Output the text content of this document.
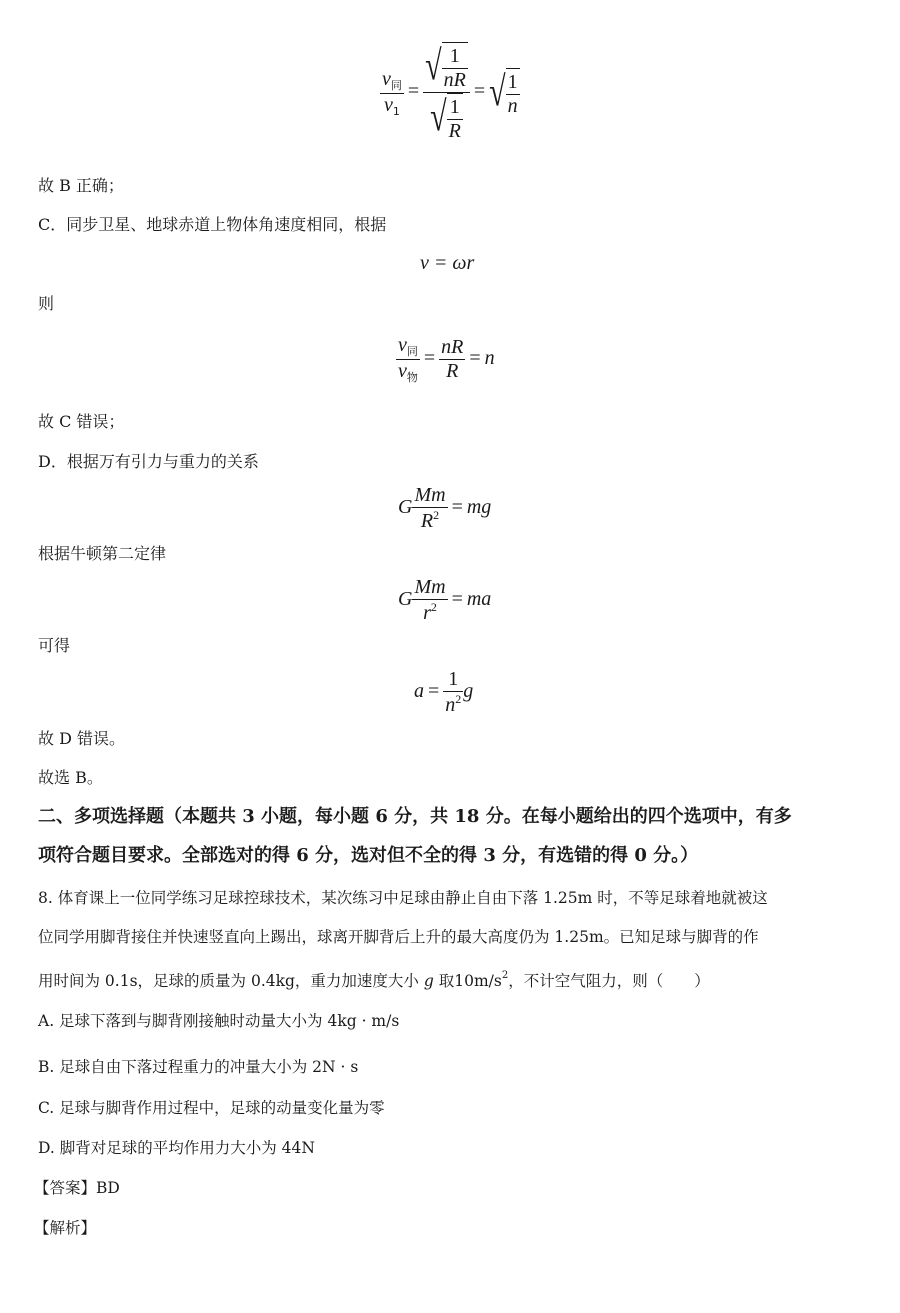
$\frac{v_同}{v_1} = \frac{√ \frac{1}{nR}}{√ \frac{1}{R}}$ = √ $\frac{1}{n}$
故 B 正确；
C．同步卫星、地球赤道上物体角速度相同，根据
v = ωr
则
$\frac{v_同}{v_物} = \frac{nR}{R} = n$
故 C 错误；
D．根据万有引力与重力的关系
G $\frac{Mm}{R^2}$ = mg
根据牛顿第二定律
G $\frac{Mm}{r^2}$ = ma
可得
$a = \frac{1}{n^2}$ g
故 D 错误。
故选 B。
二、多项选择题（本题共 3 小题，每小题 6 分，共 18 分。在每小题给出的四个选项中，有多
项符合题目要求。全部选对的得 6 分，选对但不全的得 3 分，有选错的得 0 分。）
8. 体育课上一位同学练习足球控球技术，某次练习中足球由静止自由下落 1.25m 时，不等足球着地就被这
位同学用脚背接住并快速竖直向上踢出，球离开脚背后上升的最大高度仍为 1.25m。已知足球与脚背的作
用时间为 0.1s，足球的质量为 0.4kg，重力加速度大小 g 取$10m/s^2$，不计空气阻力，则（　　）
A. 足球下落到与脚背刚接触时动量大小为 4kg · m/s
B. 足球自由下落过程重力的冲量大小为 2N · s
C. 足球与脚背作用过程中，足球的动量变化量为零
D. 脚背对足球的平均作用力大小为 44N
【答案】BD
【解析】
